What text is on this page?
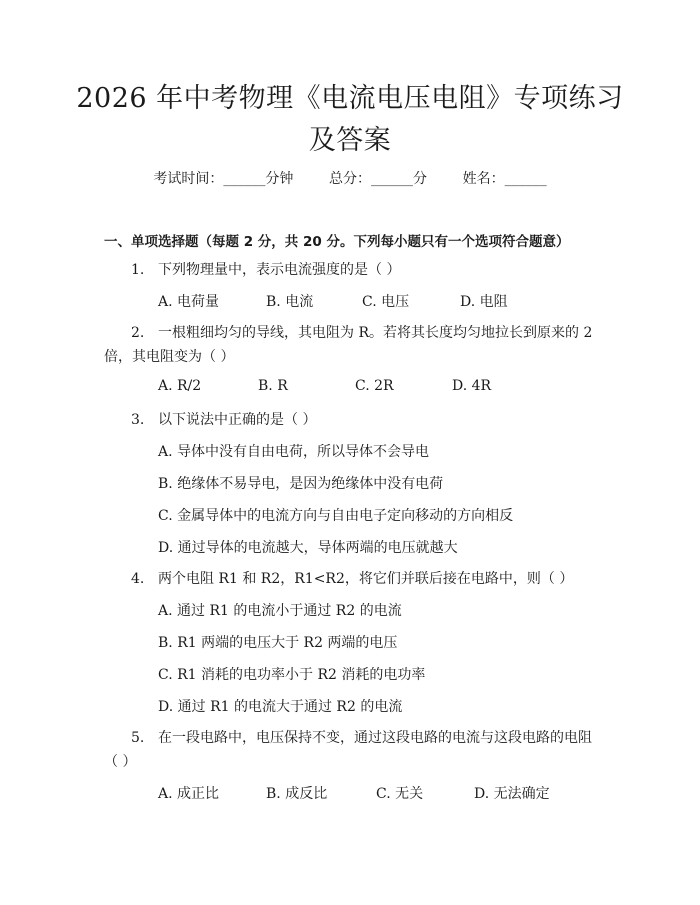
2026 年中考物理《电流电压电阻》专项练习
及答案
考试时间：______分钟	总分：______分	姓名：______
一、单项选择题（每题 2 分，共 20 分。下列每小题只有一个选项符合题意）
1. 下列物理量中，表示电流强度的是（ ）
A. 电荷量	B. 电流	C. 电压	D. 电阻
2. 一根粗细均匀的导线，其电阻为 R。若将其长度均匀地拉长到原来的 2
倍，其电阻变为（ ）
A. R/2	B. R	C. 2R	D. 4R
3. 以下说法中正确的是（ ）
A. 导体中没有自由电荷，所以导体不会导电
B. 绝缘体不易导电，是因为绝缘体中没有电荷
C. 金属导体中的电流方向与自由电子定向移动的方向相反
D. 通过导体的电流越大，导体两端的电压就越大
4. 两个电阻 R1 和 R2，R1<R2，将它们并联后接在电路中，则（ ）
A. 通过 R1 的电流小于通过 R2 的电流
B. R1 两端的电压大于 R2 两端的电压
C. R1 消耗的电功率小于 R2 消耗的电功率
D. 通过 R1 的电流大于通过 R2 的电流
5. 在一段电路中，电压保持不变，通过这段电路的电流与这段电路的电阻
（ ）
A. 成正比	B. 成反比	C. 无关	D. 无法确定
